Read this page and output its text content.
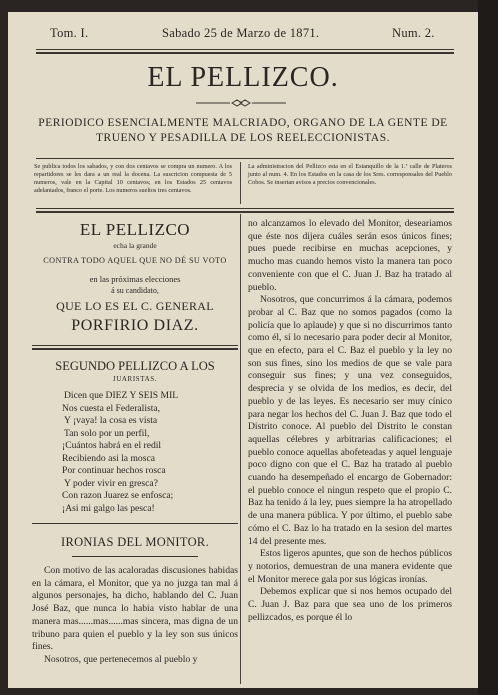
Tom. I.	Sabado 25 de Marzo de 1871.	Num. 2.
EL PELLIZCO.
PERIODICO ESENCIALMENTE MALCRIADO, ORGANO DE LA GENTE DE TRUENO Y PESADILLA DE LOS REELECCIONISTAS.
Se publica todos los sabados, y con dos centavos se compra un numero. A los repartidores se les dara a un real la docena. La suscricion compuesta de 5 numeros, vale en la Capital 10 centavos; en los Estados 25 centavos adelantados, franco el porte. Los numeros sueltos tres centavos.
La administracion del Pellizco esta en el Estanquillo de la 1.ª calle de Plateros junto al num. 4. En los Estados en la casa de los Sres. corresponsales del Pueblo Cobos. Se insertan avisos a precios convencionales.
EL PELLIZCO
echa la grande
CONTRA TODO AQUEL QUE NO DÉ SU VOTO
en las próximas elecciones
á su candidato,
QUE LO ES EL C. GENERAL
PORFIRIO DIAZ.
SEGUNDO PELLIZCO A LOS
JUARISTAS.
Dicen que DIEZ Y SEIS MIL
Nos cuesta el Federalista,
Y ¡vaya! la cosa es vista
Tan solo por un perfil,
¡Cuántos habrá en el redil
Recibiendo asi la mosca
Por continuar hechos rosca
Y poder vivir en gresca?
Con razon Juarez se enfosca;
¡Asi mi galgo las pesca!
IRONIAS DEL MONITOR.
Con motivo de las acaloradas discusiones habidas en la cámara, el Monitor, que ya no juzga tan mal á algunos personajes, ha dicho, hablando del C. Juan José Baz, que nunca lo habia visto hablar de una manera mas......mas......mas sincera, mas digna de un tribuno para quien el pueblo y la ley son sus únicos fines.
Nosotros, que pertenecemos al pueblo y
no alcanzamos lo elevado del Monitor, deseariamos que éste nos dijera cuáles serán esos únicos fines; pues puede recibirse en muchas acepciones, y mucho mas cuando hemos visto la manera tan poco conveniente con que el C. Juan J. Baz ha tratado al pueblo.
Nosotros, que concurrimos á la cámara, podemos probar al C. Baz que no somos pagados (como la policía que lo aplaude) y que si no discurrimos tanto como él, sí lo necesario para poder decir al Monitor, que en efecto, para el C. Baz el pueblo y la ley no son sus fines, sino los medios de que se vale para conseguir sus fines; y una vez conseguidos, desprecia y se olvida de los medios, es decir, del pueblo y de las leyes. Es necesario ser muy cínico para negar los hechos del C. Juan J. Baz que todo el Distrito conoce. Al pueblo del Distrito le constan aquellas célebres y arbitrarias calificaciones; el pueblo conoce aquellas abofeteadas y aquel lenguaje poco digno con que el C. Baz ha tratado al pueblo cuando ha desempeñado el encargo de Gobernador: el pueblo conoce el ningun respeto que el propio C. Baz ha tenido á la ley, pues siempre la ha atropellado de una manera pública. Y por último, el pueblo sabe cómo el C. Baz lo ha tratado en la sesion del martes 14 del presente mes.
Estos ligeros apuntes, que son de hechos públicos y notorios, demuestran de una manera evidente que el Monitor merece gala por sus lógicas ironías.
Debemos explicar que si nos hemos ocupado del C. Juan J. Baz para que sea uno de los primeros pellizcados, es porque él lo
